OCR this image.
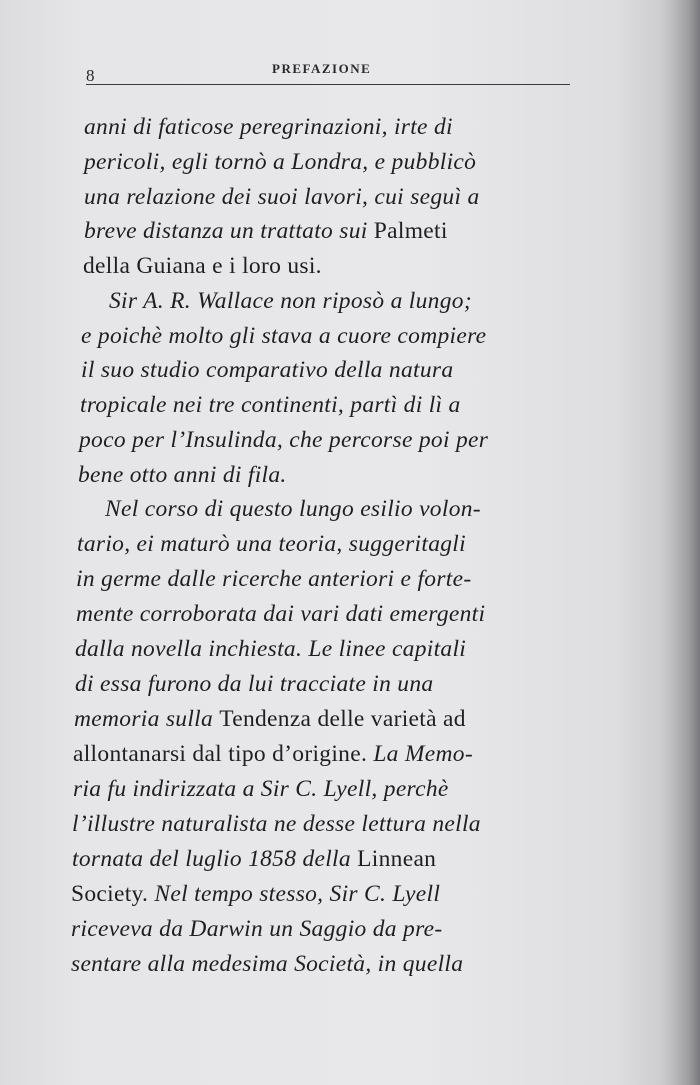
8	PREFAZIONE
anni di faticose peregrinazioni, irte di
pericoli, egli tornò a Londra, e pubblicò
una relazione dei suoi lavori, cui seguì a
breve distanza un trattato sui Palmeti
della Guiana e i loro usi.
Sir A. R. Wallace non riposò a lungo;
e poichè molto gli stava a cuore compiere
il suo studio comparativo della natura
tropicale nei tre continenti, partì di lì a
poco per l’Insulinda, che percorse poi per
bene otto anni di fila.
Nel corso di questo lungo esilio volon-
tario, ei maturò una teoria, suggeritagli
in germe dalle ricerche anteriori e forte-
mente corroborata dai vari dati emergenti
dalla novella inchiesta. Le linee capitali
di essa furono da lui tracciate in una
memoria sulla Tendenza delle varietà ad
allontanarsi dal tipo d’origine. La Memo-
ria fu indirizzata a Sir C. Lyell, perchè
l’illustre naturalista ne desse lettura nella
tornata del luglio 1858 della Linnean
Society. Nel tempo stesso, Sir C. Lyell
riceveva da Darwin un Saggio da pre-
sentare alla medesima Società, in quella
